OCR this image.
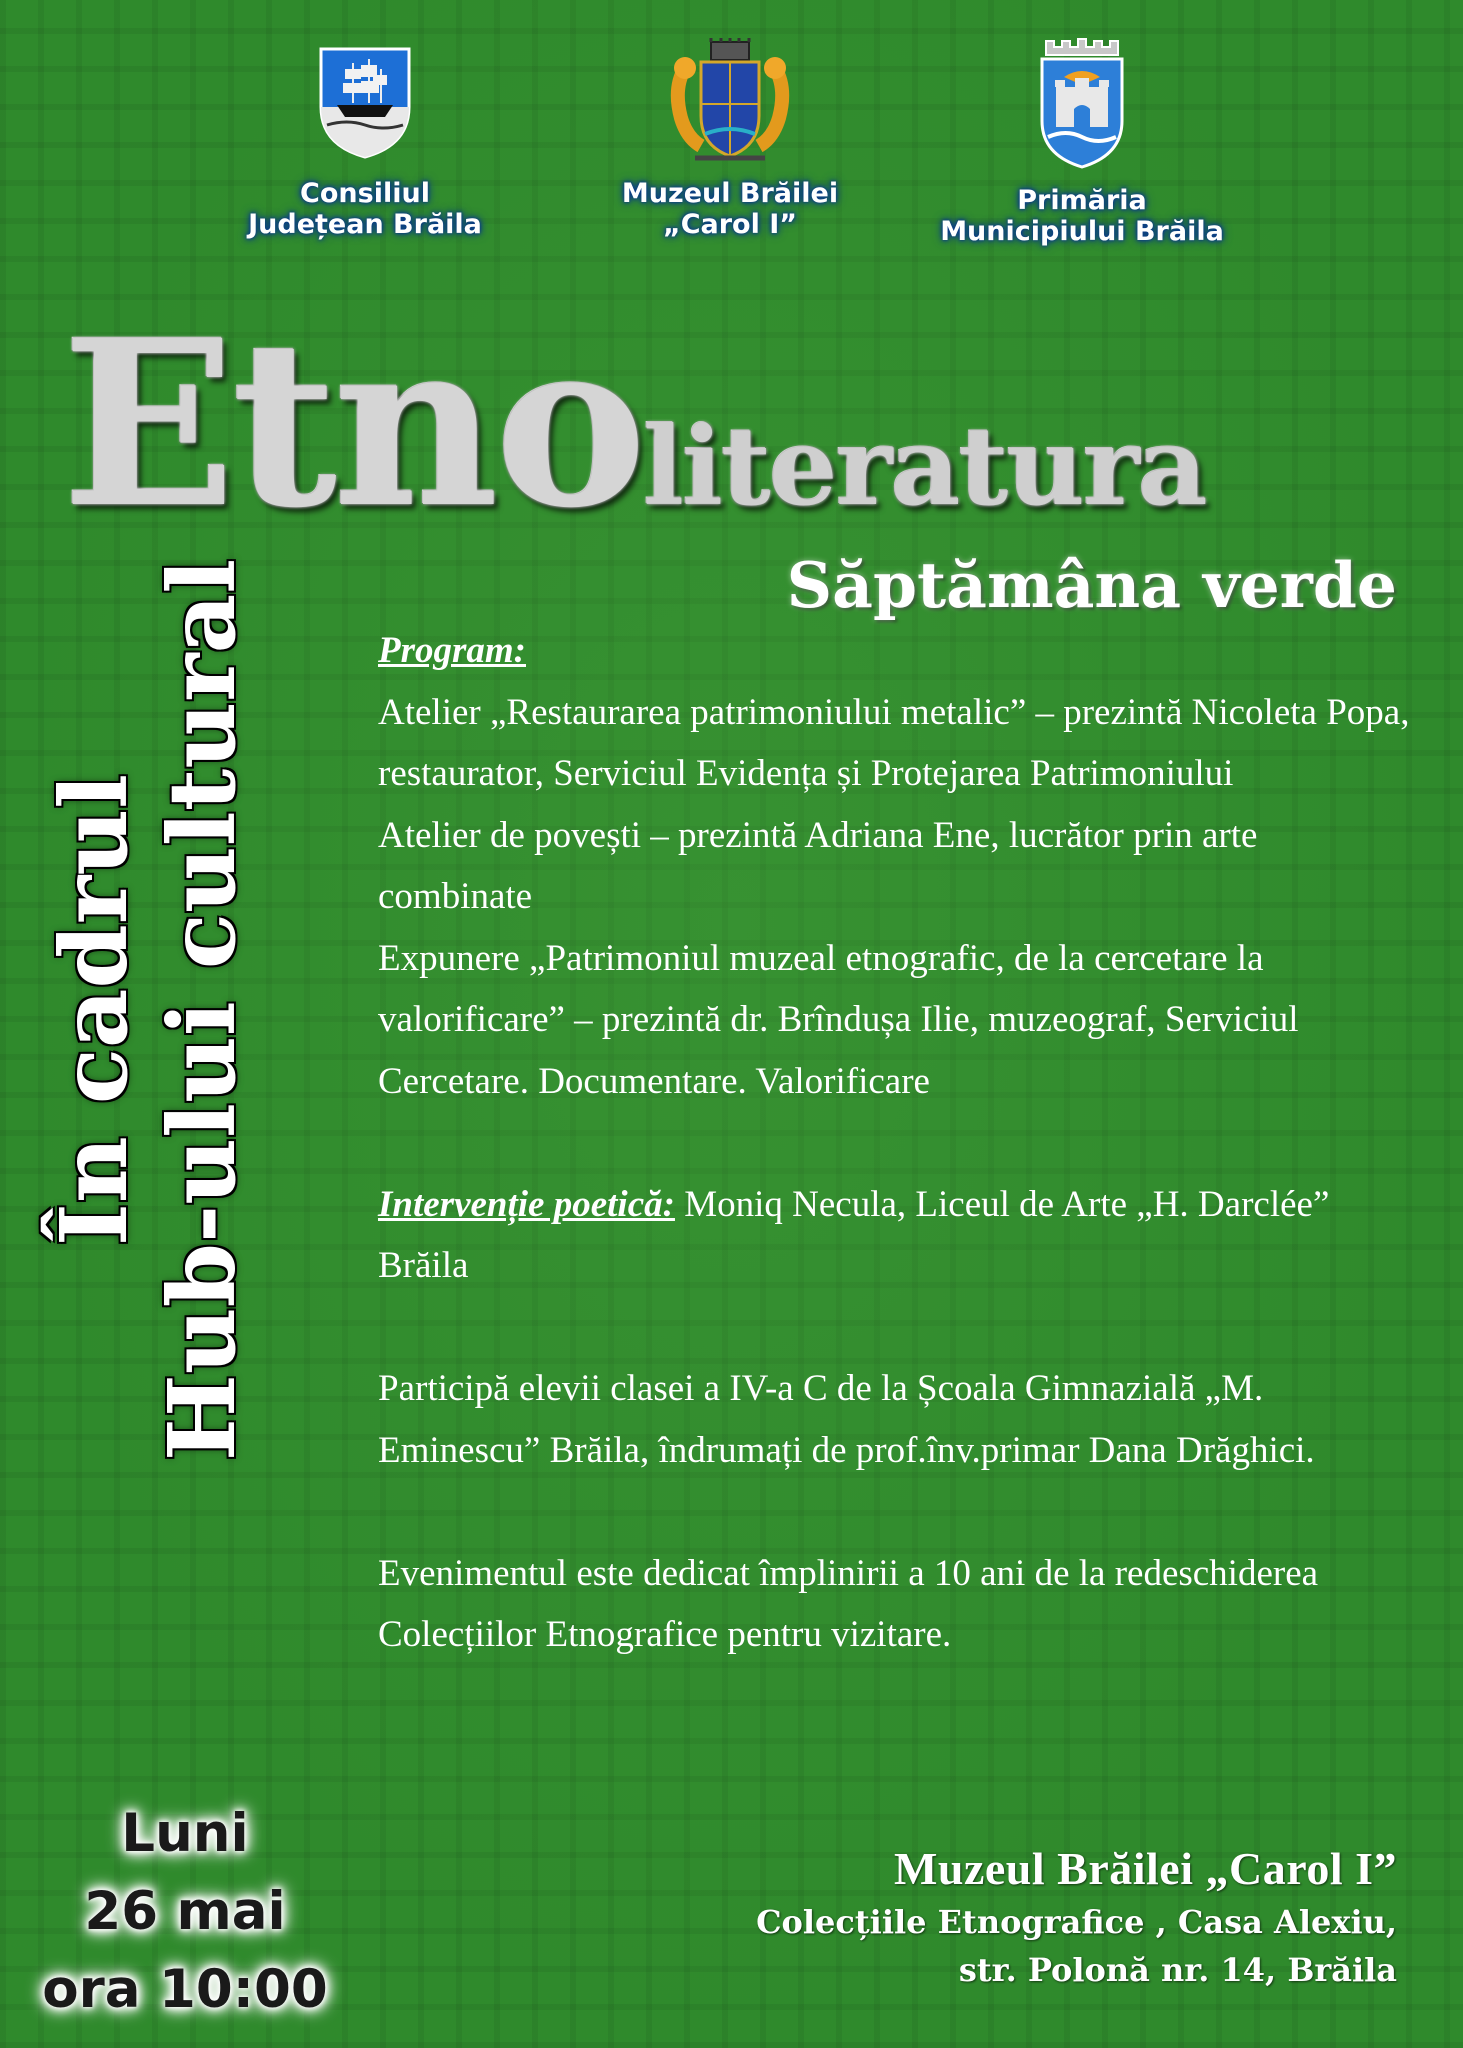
Consiliul
Județean Brăila
Muzeul Brăilei
„Carol I”
Primăria
Municipiului Brăila
Etnoliteratura
Săptămâna verde
În cadrul Hub-ului cultural	Program:

Atelier „Restaurarea patrimoniului metalic” – prezintă Nicoleta Popa, restaurator, Serviciul Evidența și Protejarea Patrimoniului

Atelier de povești – prezintă Adriana Ene, lucrător prin arte combinate

Expunere „Patrimoniul muzeal etnografic, de la cercetare la valorificare” – prezintă dr. Brîndușa Ilie, muzeograf, Serviciul Cercetare. Documentare. Valorificare

Intervenție poetică: Moniq Necula, Liceul de Arte „H. Darclée” Brăila

Participă elevii clasei a IV-a C de la Școala Gimnazială „M. Eminescu” Brăila, îndrumați de prof.înv.primar Dana Drăghici.

Evenimentul este dedicat împlinirii a 10 ani de la redeschiderea Colecțiilor Etnografice pentru vizitare.

Luni
26 mai
ora 10:00
Muzeul Brăilei „Carol I”
Colecțiile Etnografice , Casa Alexiu,
str. Polonă nr. 14, Brăila
